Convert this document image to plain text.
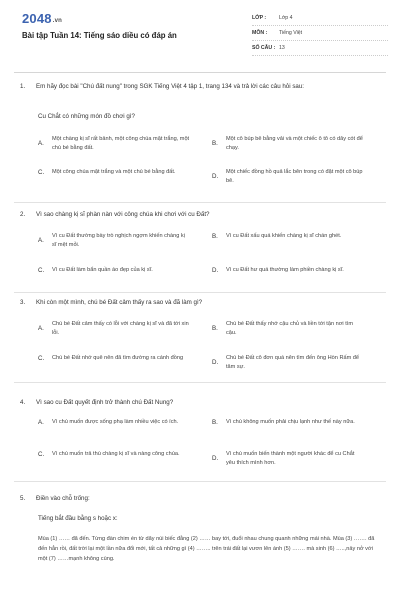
2048.vn
Bài tập Tuần 14: Tiếng sáo diều có đáp án
LỚP :	Lớp 4
MÔN :	Tiếng Việt
SỐ CÂU : 13
1.	Em hãy đọc bài "Chú đất nung" trong SGK Tiếng Việt 4 tập 1, trang 134 và trả lời các câu hỏi sau:
Cu Chắt có những món đồ chơi gì?
A.
Một chàng kị sĩ rất bảnh, một công chúa mặt trắng, một chú bé bằng đất.
B.
Một cô búp bê bằng vải và một chiếc ô tô có dây cót để chạy.
C.	Một công chúa mặt trắng và một chú bé bằng đất.
D.
Một chiếc đồng hồ quả lắc bên trong có đặt một cô búp bê.
2.	Vì sao chàng kị sĩ phàn nàn với công chúa khi chơi với cu Đất?
A.
Vì cu Đất thường bày trò nghịch ngợm khiến chàng kị sĩ mệt mỏi.
B.	Vì cu Đất xấu quá khiến chàng kị sĩ chán ghét.
C.	Vì cu Đất làm bẩn quần áo đẹp của kị sĩ.	D.	Vì cu Đất hư quá thường làm phiền chàng kị sĩ.
3.	Khi còn một mình, chú bé Đất cảm thấy ra sao và đã làm gì?
A.
Chú bé Đất cảm thấy có lỗi với chàng kị sĩ và đã tới xin lỗi.
B.
Chú bé Đất thấy nhớ cậu chủ và liền tới tận nơi tìm cậu.
C.	Chú bé Đất nhớ quê nên đã tìm đường ra cánh đồng
D.
Chú bé Đất cô đơn quá nên tìm đến ông Hòn Rấm để tâm sự.
4.	Vì sao cu Đất quyết định trở thành chú Đất Nung?
A.	Vì chú muốn được sống phạ làm nhiều việc có ích.	B.	Vì chú không muốn phải chịu lạnh như thế này nữa.
C.	Vì chú muốn trả thù chàng kị sĩ và nàng công chúa.
D.
Vì chú muốn biến thành một người khác để cu Chắt yêu thích mình hơn.
5.	Điền vào chỗ trống:
Tiếng bắt đầu bằng s hoặc x:
Mùa (1) …… đã đến. Từng đàn chim én từ dãy núi biếc đằng (2) …… bay tới, đuổi nhau chung quanh những mái nhà. Mùa (3) ……. đã đến hẳn rồi, đất trời lại một lần nữa đổi mới, tất cả những gì (4) …….. trên trái đất lại vươn lên ánh (5) ……. mà sinh (6) …..,nảy nở với một (7) ……mạnh không cùng.
